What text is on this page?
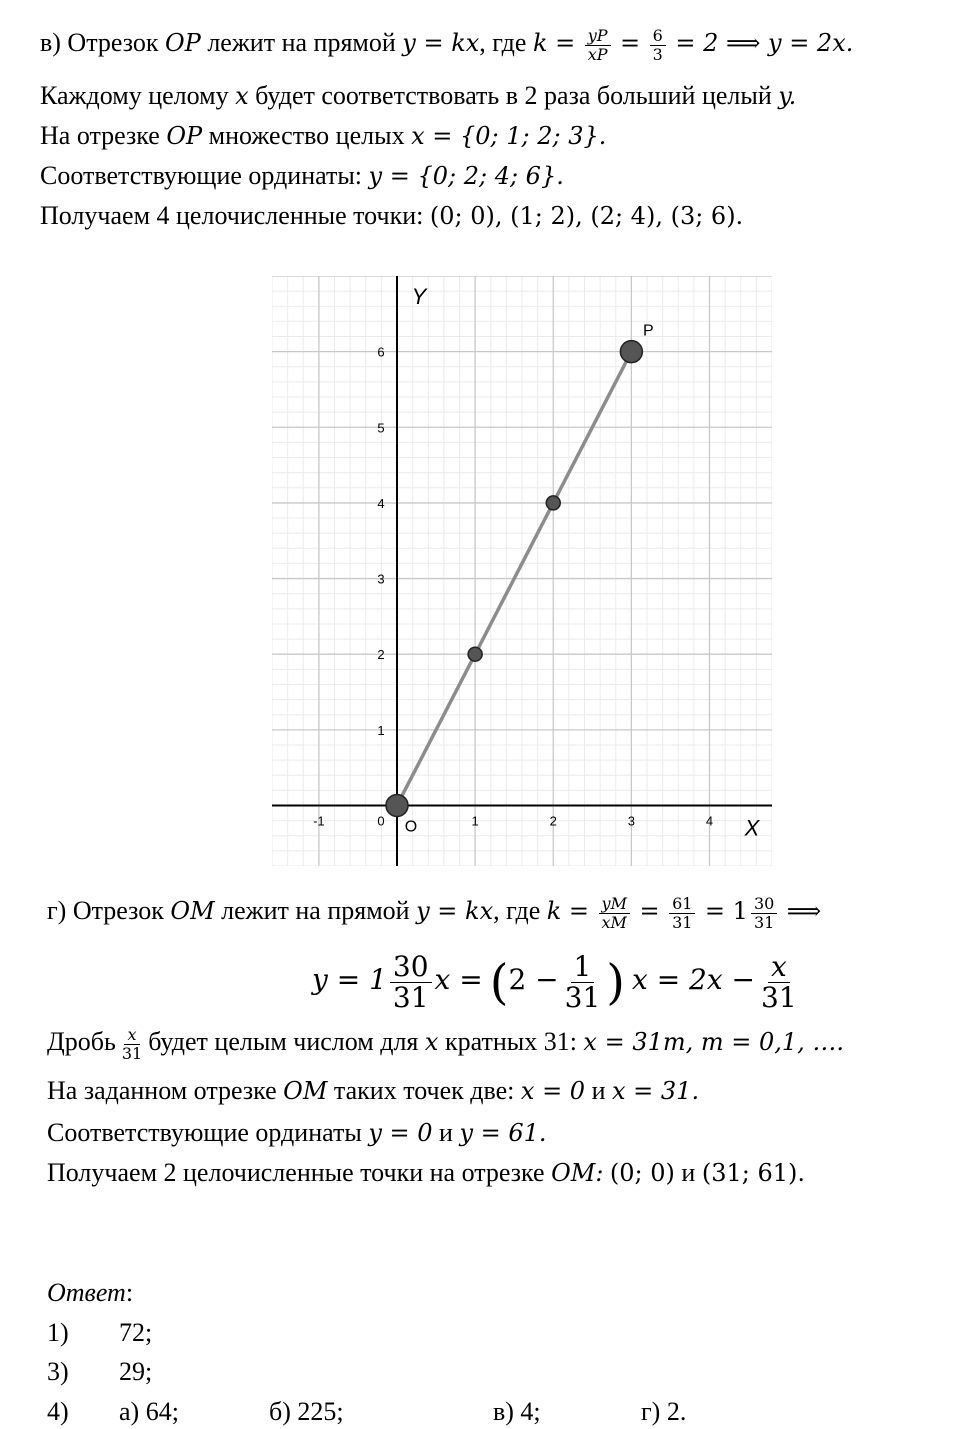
в) Отрезок OP лежит на прямой y = kx, где $k = \frac{yP}{xP} = \frac{6}{3} = 2$ ⟹ y = 2x.
Каждому целому x будет соответствовать в 2 раза больший целый y.
На отрезке OP множество целых x = {0; 1; 2; 3}.
Соответствующие ординаты: y = {0; 2; 4; 6}.
Получаем 4 целочисленные точки: (0; 0), (1; 2), (2; 4), (3; 6).
-1	0	1	2	3	4
1
2
3
4
5
6
Y
X
O
P
г) Отрезок OM лежит на прямой y = kx, где $k = \frac{yM}{xM} = \frac{61}{31} = 1 \frac{30}{31}$ ⟹
$y = 1 \frac{30}{31}$ $x = (2 - \frac{1}{31}$ ) $x = 2x - \frac{x}{31}$
Дробь $\frac{x}{31}$ будет целым числом для x кратных 31: x = 31m, m = 0,1, ….
На заданном отрезке OM таких точек две: x = 0 и x = 31.
Соответствующие ординаты y = 0 и y = 61.
Получаем 2 целочисленные точки на отрезке OM: (0; 0) и (31; 61).
Ответ:
1) 72;
3) 29;
4) а) 64;	б) 225;	в) 4;	г) 2.
